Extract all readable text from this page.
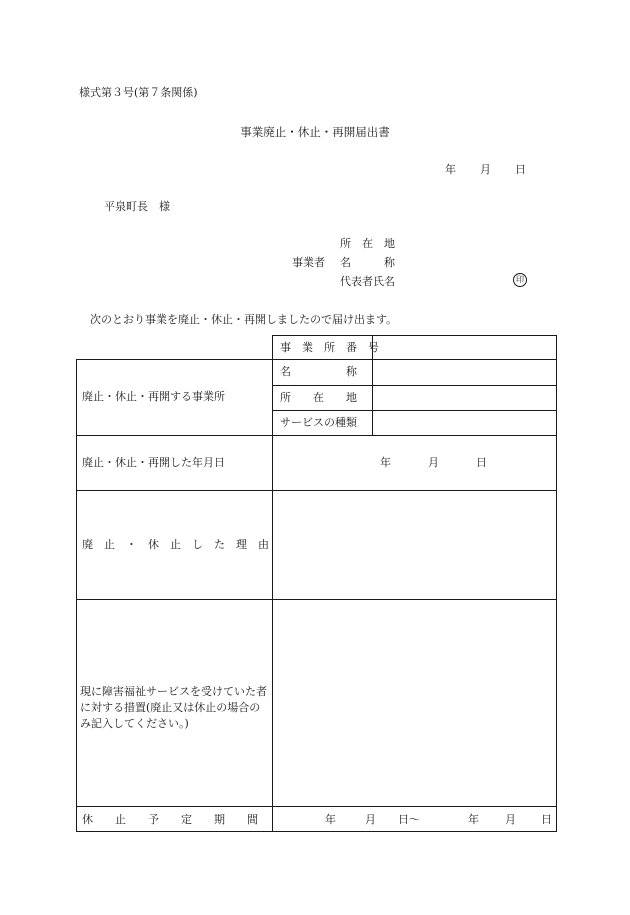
様式第３号(第７条関係)
事業廃止・休止・再開届出書
年 月 日
平泉町長　様
所　在　地
事業者 名　　　称
代表者氏名	印
次のとおり事業を廃止・休止・再開しましたので届け出ます。
事　業　所　番　号
廃止・休止・再開する事業所
名　　　　　称
所　　在　　地
サービスの種類
廃止・休止・再開した年月日	年	月	日
廃　止　・　休　止　し　た　理　由
現に障害福祉サービスを受けていた者に対する措置(廃止又は休止の場合のみ記入してください。)
休　　止　　予　　定　　期　　間	年	月 日〜	年 月 日
